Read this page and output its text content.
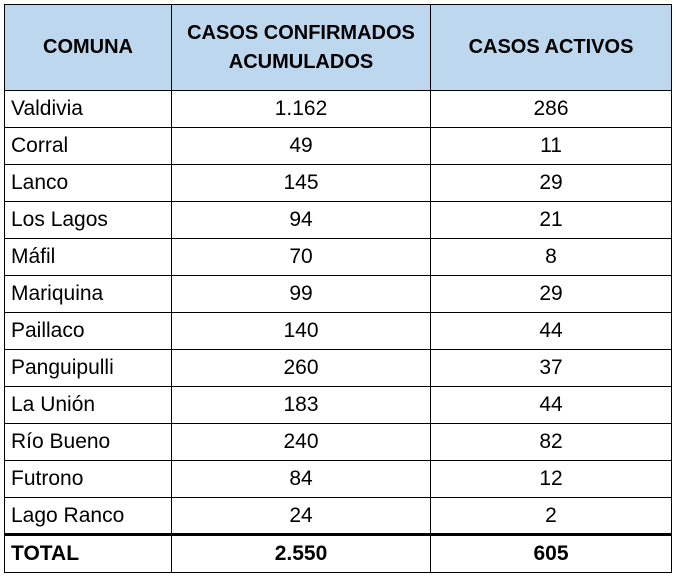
COMUNA	CASOS CONFIRMADOS ACUMULADOS	CASOS ACTIVOS
Valdivia	1.162	286
Corral	49	11
Lanco	145	29
Los Lagos	94	21
Máfil	70	8
Mariquina	99	29
Paillaco	140	44
Panguipulli	260	37
La Unión	183	44
Río Bueno	240	82
Futrono	84	12
Lago Ranco	24	2
TOTAL	2.550	605
